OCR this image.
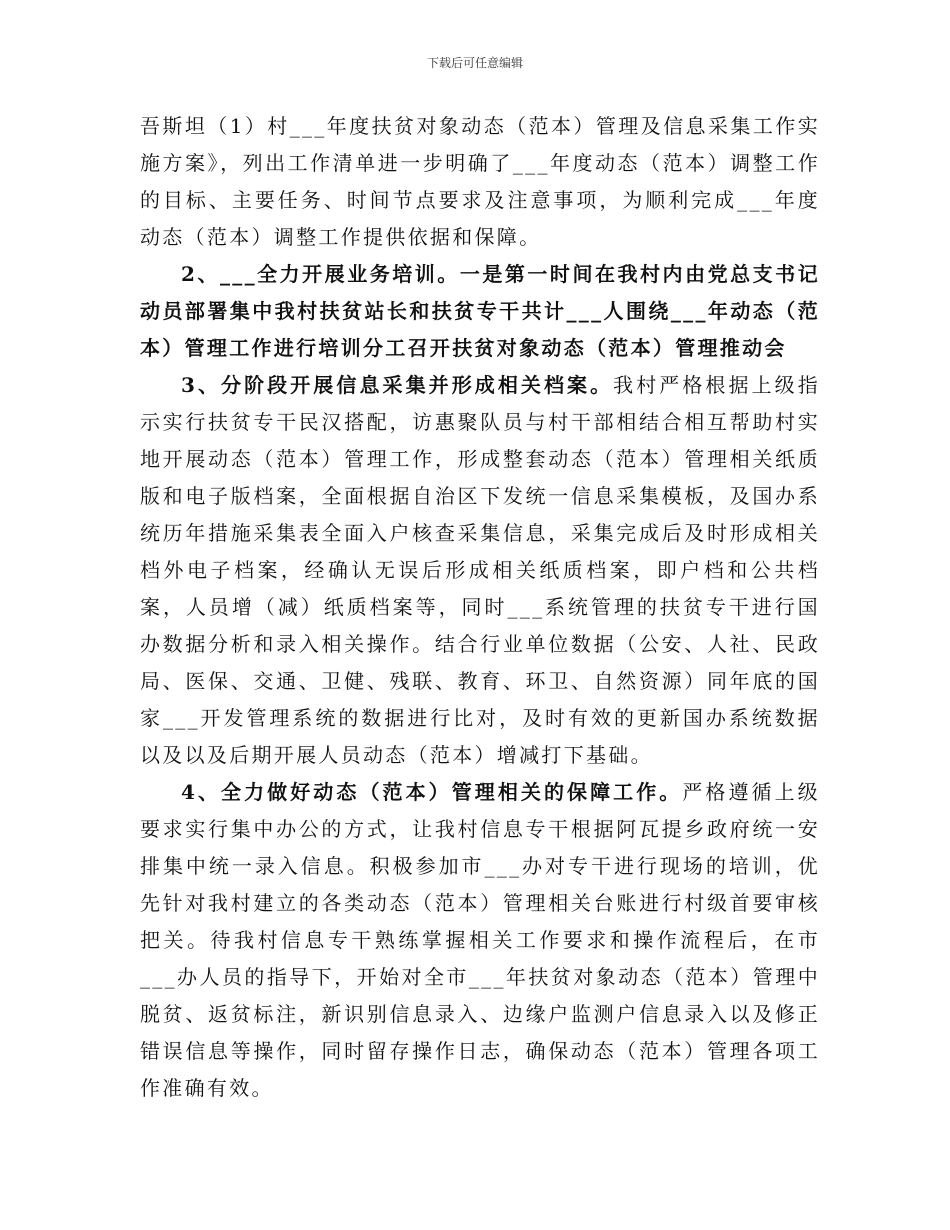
下载后可任意编辑

吾斯坦（1）村___年度扶贫对象动态（范本）管理及信息采集工作实施方案》，列出工作清单进一步明确了___年度动态（范本）调整工作的目标、主要任务、时间节点要求及注意事项，为顺利完成___年度动态（范本）调整工作提供依据和保障。

2、___全力开展业务培训。一是第一时间在我村内由党总支书记动员部署集中我村扶贫站长和扶贫专干共计___人围绕___年动态（范本）管理工作进行培训分工召开扶贫对象动态（范本）管理推动会

3、分阶段开展信息采集并形成相关档案。我村严格根据上级指示实行扶贫专干民汉搭配，访惠聚队员与村干部相结合相互帮助村实地开展动态（范本）管理工作，形成整套动态（范本）管理相关纸质版和电子版档案，全面根据自治区下发统一信息采集模板，及国办系统历年措施采集表全面入户核查采集信息，采集完成后及时形成相关档外电子档案，经确认无误后形成相关纸质档案，即户档和公共档案，人员增（减）纸质档案等，同时___系统管理的扶贫专干进行国办数据分析和录入相关操作。结合行业单位数据（公安、人社、民政局、医保、交通、卫健、残联、教育、环卫、自然资源）同年底的国家___开发管理系统的数据进行比对，及时有效的更新国办系统数据以及以及后期开展人员动态（范本）增减打下基础。

4、全力做好动态（范本）管理相关的保障工作。严格遵循上级要求实行集中办公的方式，让我村信息专干根据阿瓦提乡政府统一安排集中统一录入信息。积极参加市___办对专干进行现场的培训，优先针对我村建立的各类动态（范本）管理相关台账进行村级首要审核把关。待我村信息专干熟练掌握相关工作要求和操作流程后，在市___办人员的指导下，开始对全市___年扶贫对象动态（范本）管理中脱贫、返贫标注，新识别信息录入、边缘户监测户信息录入以及修正错误信息等操作，同时留存操作日志，确保动态（范本）管理各项工作准确有效。
